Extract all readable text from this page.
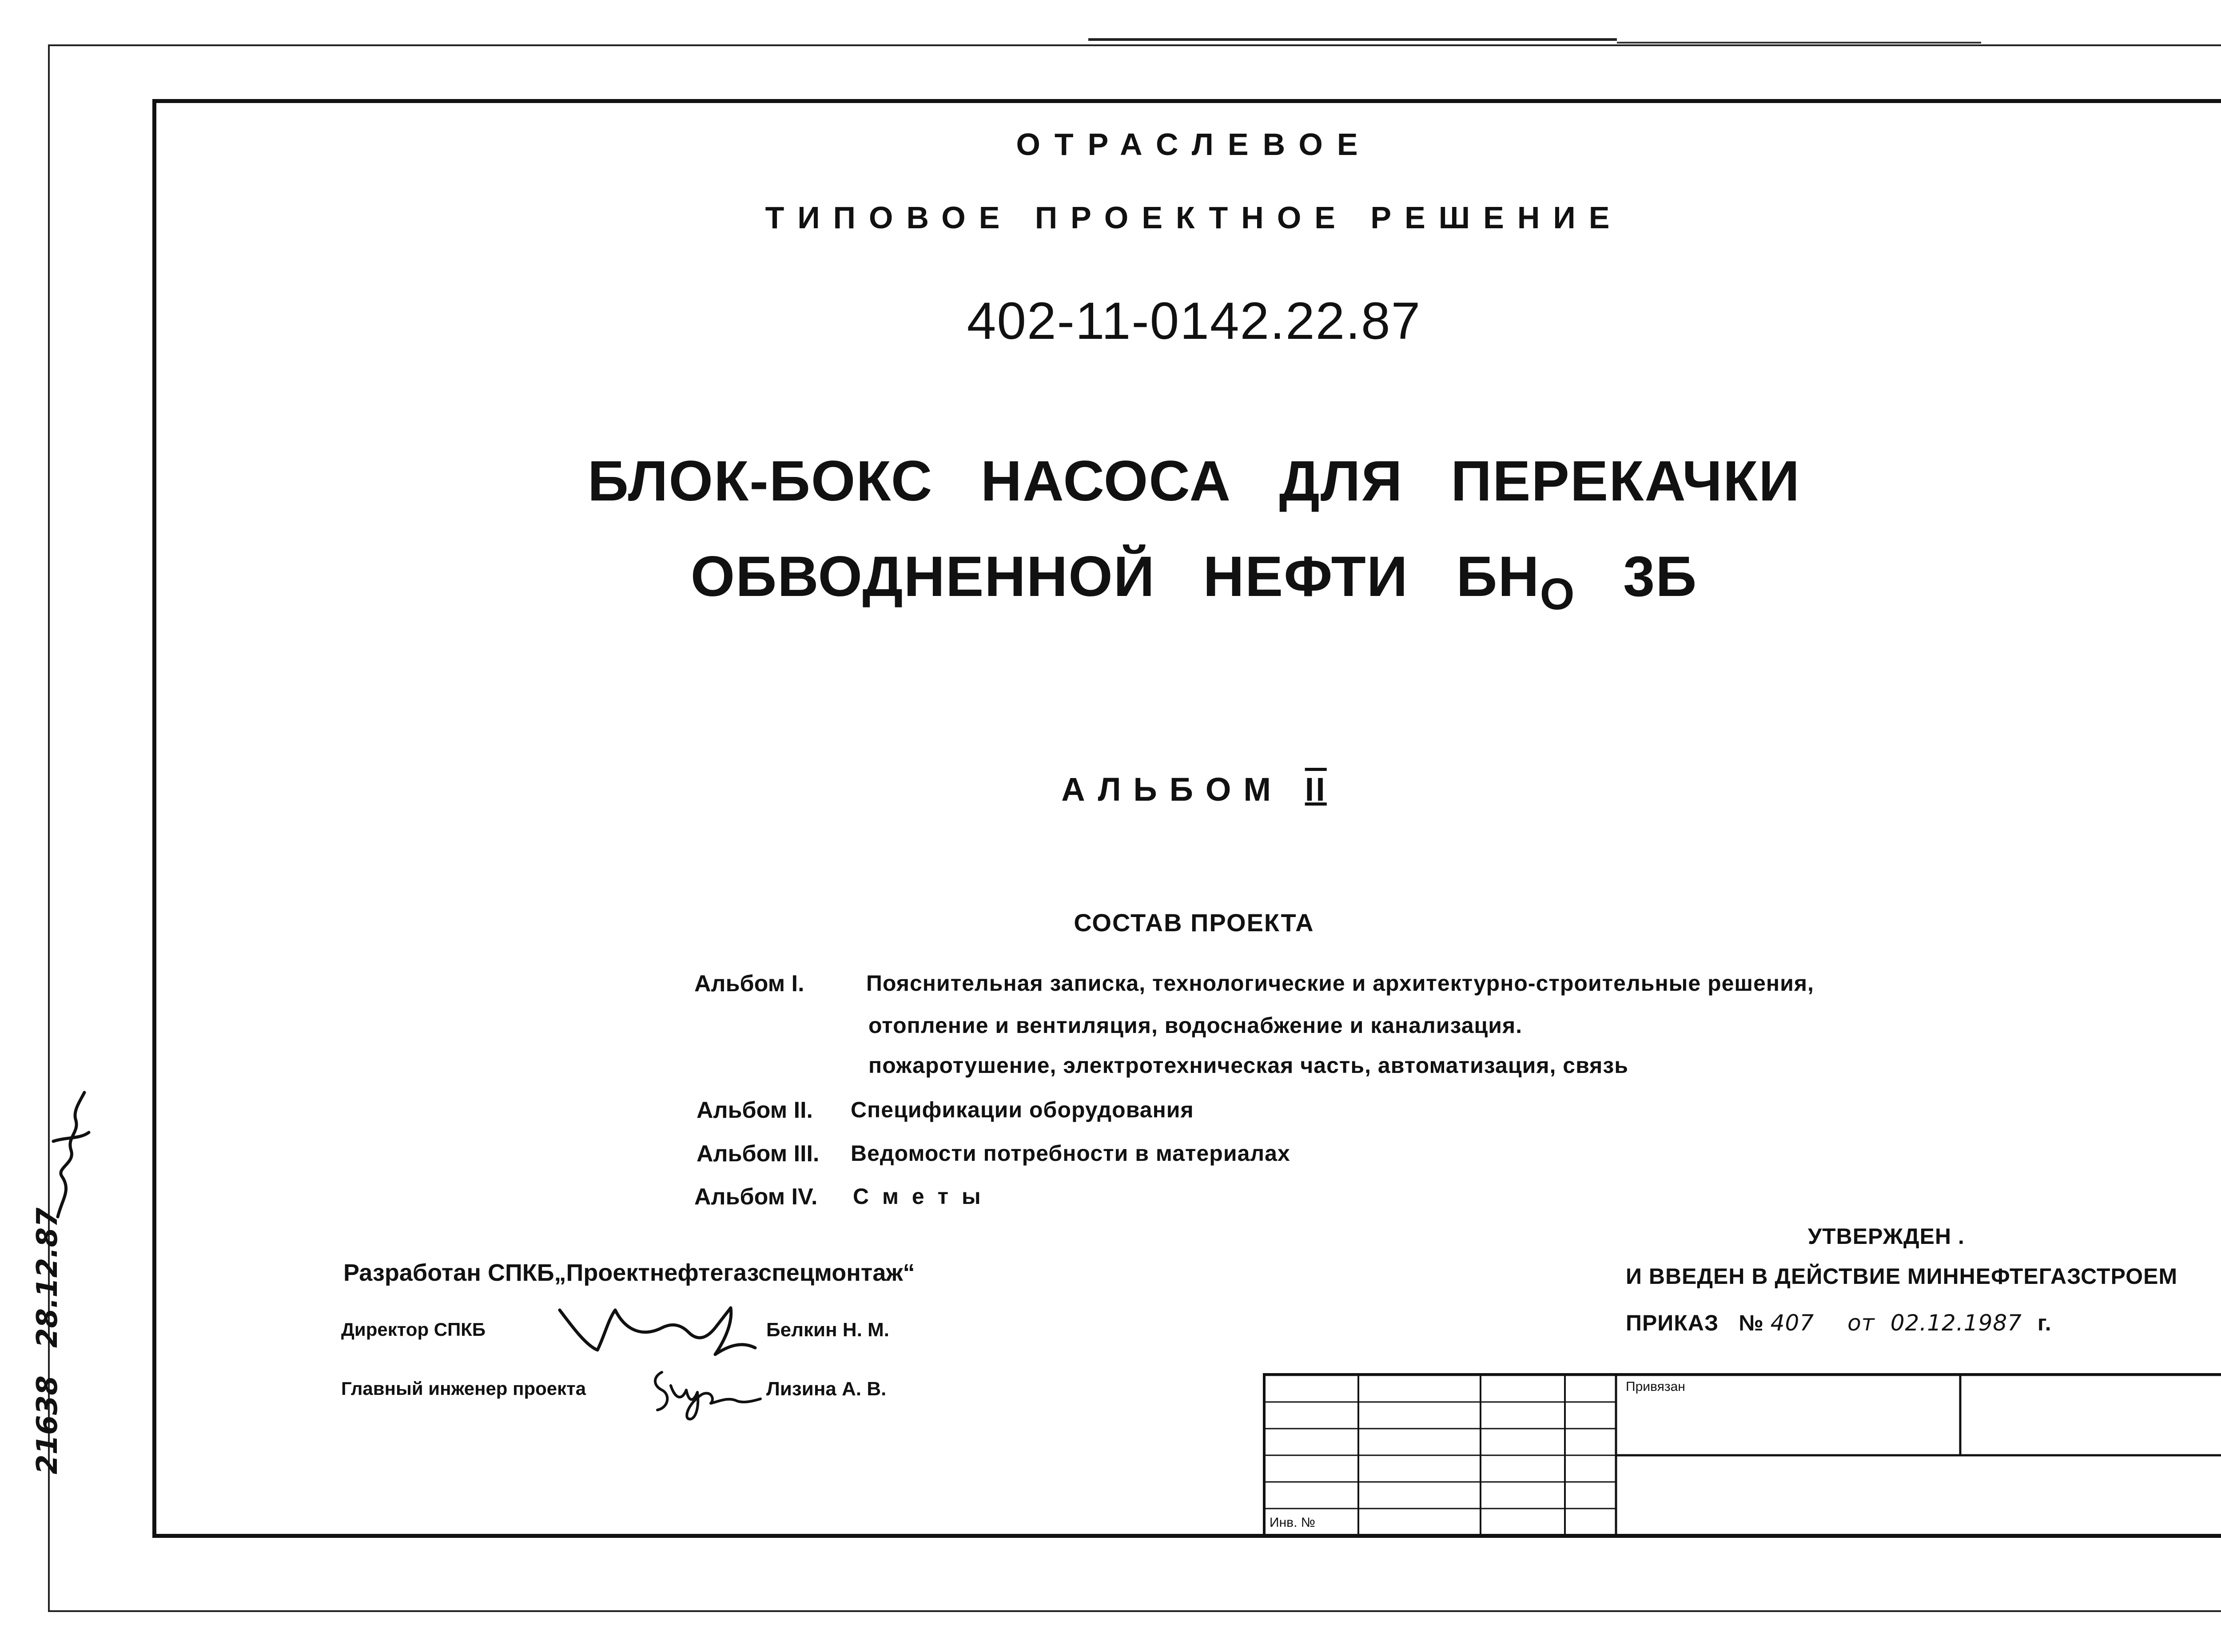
ОТРАСЛЕВОЕ
ТИПОВОЕ ПРОЕКТНОЕ РЕШЕНИЕ
402-11-0142.22.87
БЛОК-БОКС НАСОСА ДЛЯ ПЕРЕКАЧКИ
ОБВОДНЕННОЙ НЕФТИ $БН_О$ 3Б
АЛЬБОМ II
СОСТАВ ПРОЕКТА
Альбом I.	Пояснительная записка, технологические и архитектурно-строительные решения,
отопление и вентиляция, водоснабжение и канализация.
пожаротушение, электротехническая часть, автоматизация, связь
Альбом II. Спецификации оборудования
Альбом III. Ведомости потребности в материалах
Альбом IV. С м е т ы
Разработан СПКБ„Проектнефтегазспецмонтаж“
Директор СПКБ	Белкин Н. М.
Главный инженер проекта	Лизина А. В.
УТВЕРЖДЕН .
И ВВЕДЕН В ДЕЙСТВИЕ МИННЕФТЕГАЗСТРОЕМ
ПРИКАЗ № 407 от 02.12.1987 г.
Привязан
Инв. №
21638 28.12.87
